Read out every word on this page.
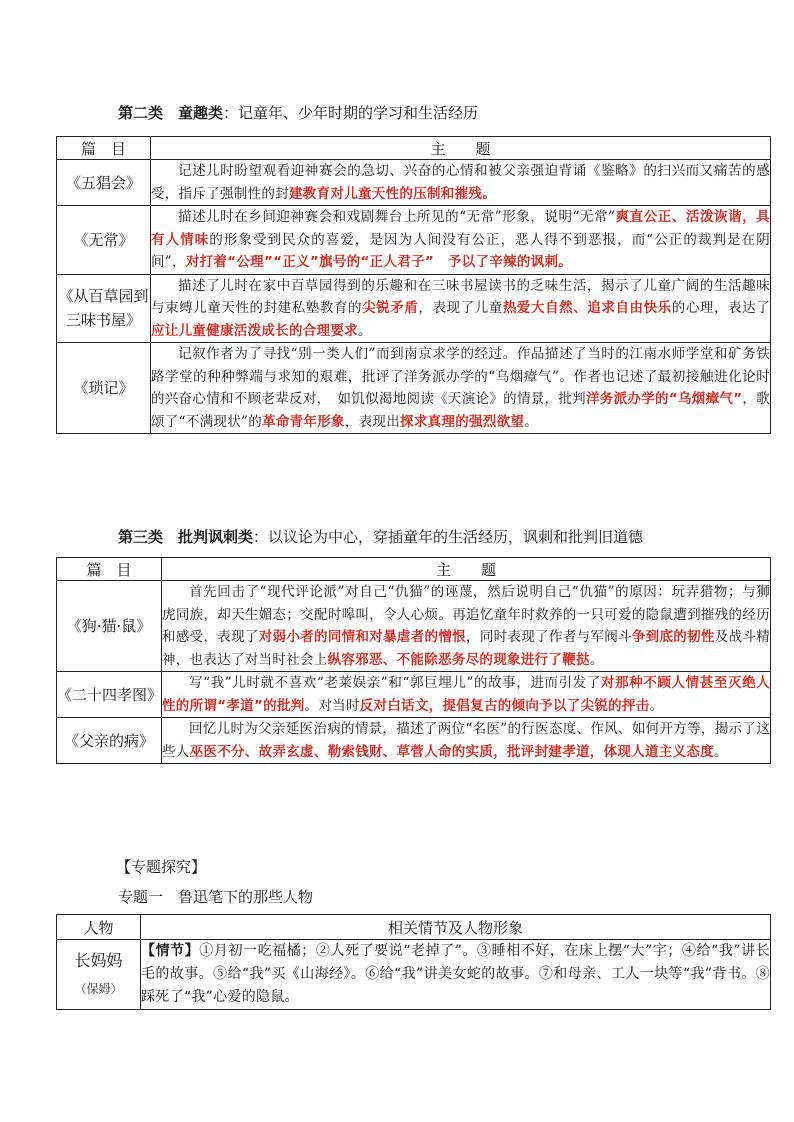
第二类　童趣类：记童年、少年时期的学习和生活经历
篇　目	主　　题
《五猖会》	记述儿时盼望观看迎神赛会的急切、兴奋的心情和被父亲强迫背诵《鉴略》的扫兴而又痛苦的感受，指斥了强制性的封建教育对儿童天性的压制和摧残。
《无常》	描述儿时在乡间迎神赛会和戏剧舞台上所见的“无常”形象，说明“无常”爽直公正、活泼诙谐，具有人情味的形象受到民众的喜爱，是因为人间没有公正，恶人得不到恶报，而“公正的裁判是在阴间”，对打着“公理”“正义”旗号的“正人君子”　予以了辛辣的讽刺。
《从百草园到三味书屋》	描述了儿时在家中百草园得到的乐趣和在三味书屋读书的乏味生活，揭示了儿童广阔的生活趣味与束缚儿童天性的封建私塾教育的尖锐矛盾，表现了儿童热爱大自然、追求自由快乐的心理，表达了应让儿童健康活泼成长的合理要求。
《琐记》	记叙作者为了寻找“别一类人们”而到南京求学的经过。作品描述了当时的江南水师学堂和矿务铁路学堂的种种弊端与求知的艰难，批评了洋务派办学的“乌烟瘴气”。作者也记述了最初接触进化论时的兴奋心情和不顾老辈反对，　如饥似渴地阅读《天演论》的情景，批判洋务派办学的“乌烟瘴气”，歌颂了“不满现状”的革命青年形象，表现出探求真理的强烈欲望。
第三类　批判讽刺类：以议论为中心，穿插童年的生活经历，讽刺和批判旧道德
篇　目	主　　题
《狗·猫·鼠》	首先回击了“现代评论派”对自己“仇猫”的诬蔑，然后说明自己“仇猫”的原因：玩弄猎物；与狮虎同族，却天生媚态；交配时嗥叫，令人心烦。再追忆童年时救养的一只可爱的隐鼠遭到摧残的经历和感受，表现了对弱小者的同情和对暴虐者的憎恨，同时表现了作者与军阀斗争到底的韧性及战斗精神，也表达了对当时社会上纵容邪恶、不能除恶务尽的现象进行了鞭挞。
《二十四孝图》	写“我”儿时就不喜欢“老莱娱亲”和“郭巨埋儿”的故事，进而引发了对那种不顾人情甚至灭绝人性的所谓“孝道”的批判。对当时反对白话文，提倡复古的倾向予以了尖锐的抨击。
《父亲的病》	回忆儿时为父亲延医治病的情景，描述了两位“名医”的行医态度、作风、如何开方等，揭示了这些人巫医不分、故弄玄虚、勒索钱财、草菅人命的实质，批评封建孝道，体现人道主义态度。
【专题探究】
专题一　鲁迅笔下的那些人物
人物	相关情节及人物形象

长妈妈
（保姆）	【情节】①月初一吃福橘；②人死了要说“老掉了”。③睡相不好，在床上摆“大”字；④给“我”讲长毛的故事。⑤给“我”买《山海经》。⑥给“我”讲美女蛇的故事。⑦和母亲、工人一块等“我”背书。⑧踩死了“我”心爱的隐鼠。
